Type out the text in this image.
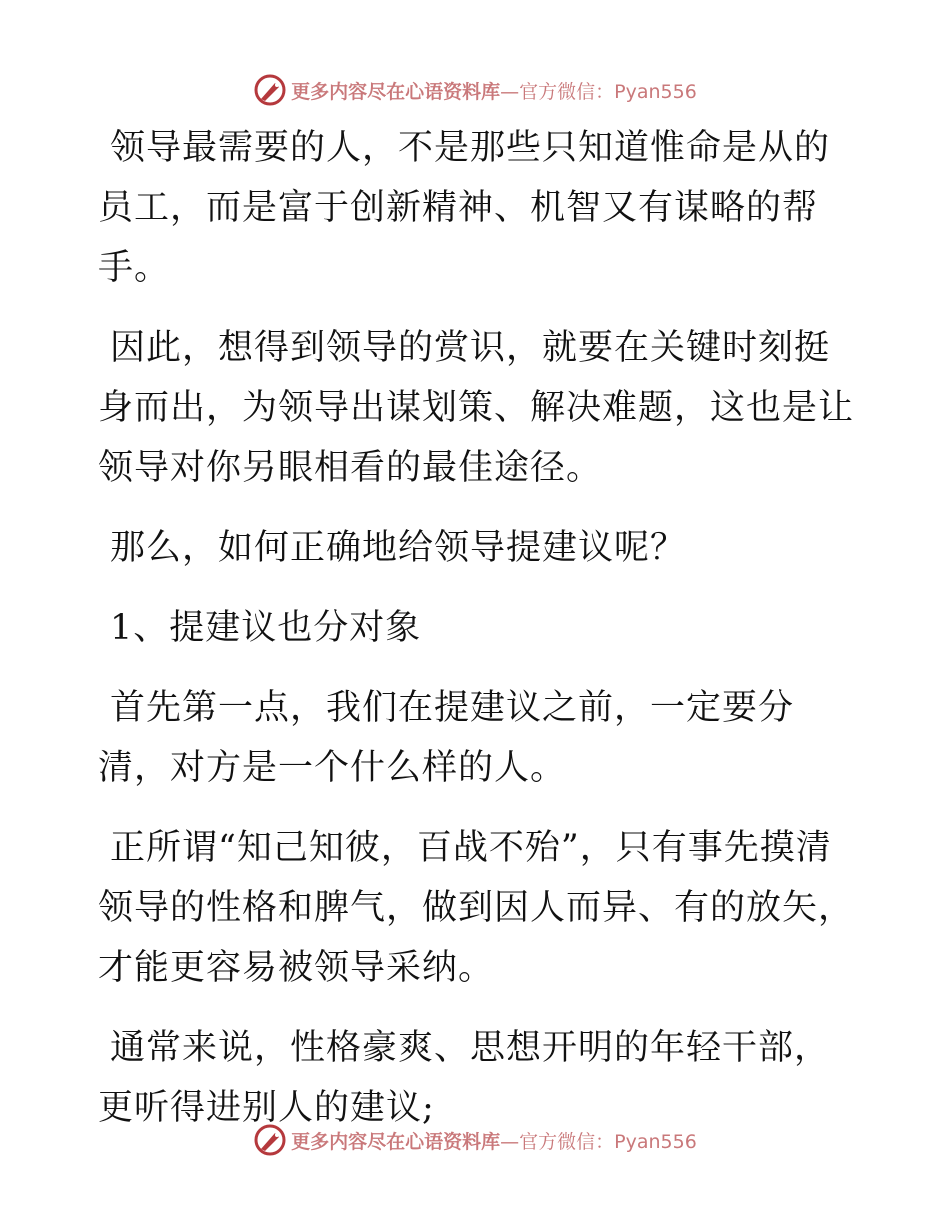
更多内容尽在心语资料库—官方微信：Pyan556

领导最需要的人，不是那些只知道惟命是从的员工，而是富于创新精神、机智又有谋略的帮手。

因此，想得到领导的赏识，就要在关键时刻挺身而出，为领导出谋划策、解决难题，这也是让领导对你另眼相看的最佳途径。

那么，如何正确地给领导提建议呢？

1、提建议也分对象

首先第一点，我们在提建议之前，一定要分清，对方是一个什么样的人。

正所谓“知己知彼，百战不殆”，只有事先摸清领导的性格和脾气，做到因人而异、有的放矢，才能更容易被领导采纳。

通常来说，性格豪爽、思想开明的年轻干部，更听得进别人的建议;

更多内容尽在心语资料库—官方微信：Pyan556
